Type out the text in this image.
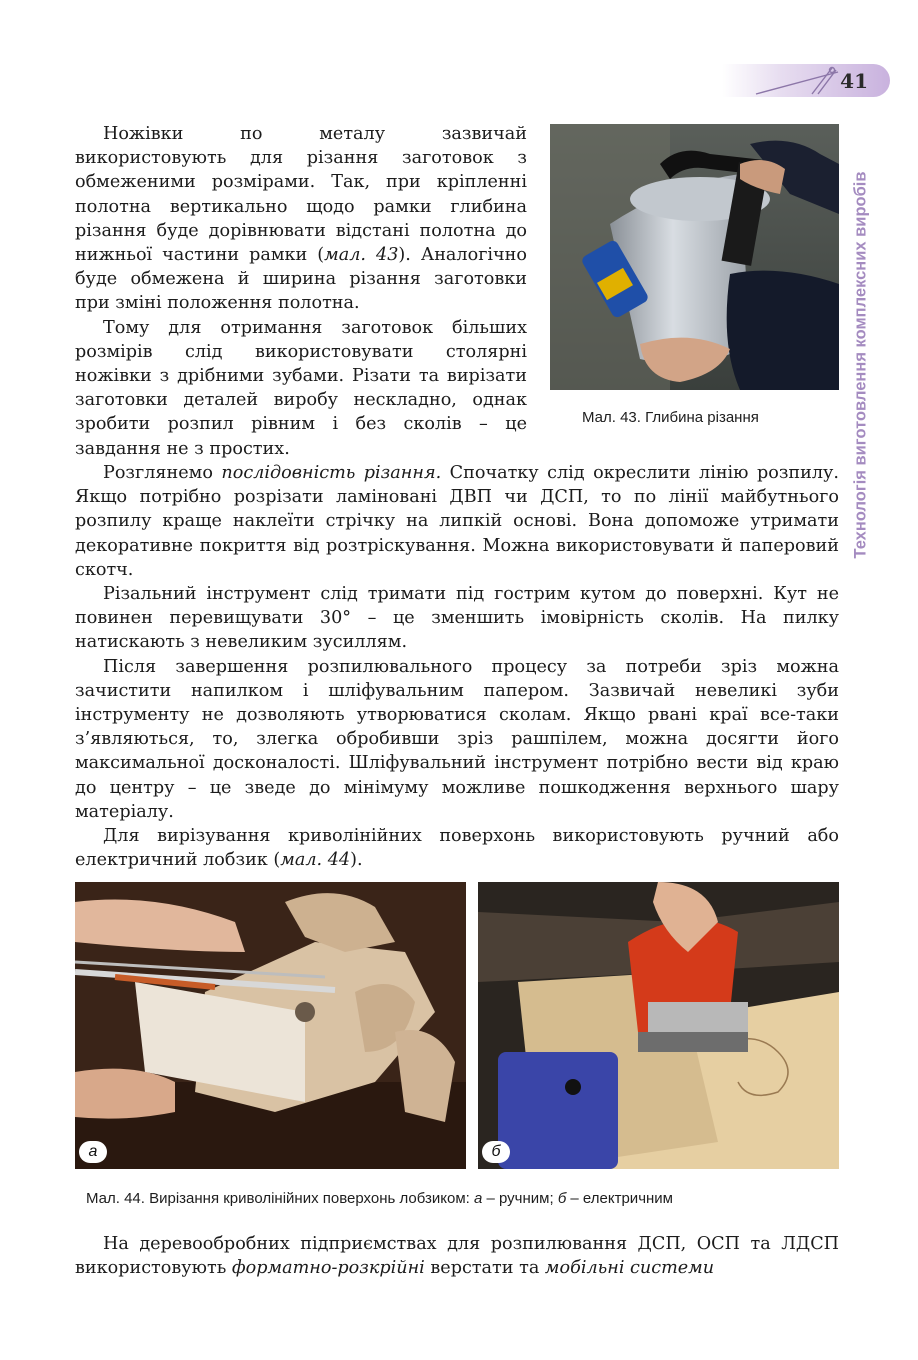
41
Технологія виготовлення комплексних виробів

Ножівки по металу зазвичай використовують для різання заготовок з обмеженими розмірами. Так, при кріпленні полотна вертикально щодо рамки глибина різання буде дорівнювати відстані полотна до нижньої частини рамки (мал. 43). Аналогічно буде обмежена й ширина різання заготовки при зміні положення полотна.

Тому для отримання заготовок більших розмірів слід використовувати столярні ножівки з дрібними зубами. Різати та вирізати заготовки деталей виробу нескладно, однак зробити розпил рівним і без сколів – це завдання не з простих.

Мал. 43. Глибина різання

Розглянемо послідовність різання. Спочатку слід окреслити лінію розпилу. Якщо потрібно розрізати ламіновані ДВП чи ДСП, то по лінії майбутнього розпилу краще наклеїти стрічку на липкій основі. Вона допоможе утримати декоративне покриття від розтріскування. Можна використовувати й паперовий скотч.

Різальний інструмент слід тримати під гострим кутом до поверхні. Кут не повинен перевищувати 30° – це зменшить імовірність сколів. На пилку натискають з невеликим зусиллям.

Після завершення розпилювального процесу за потреби зріз можна зачистити напилком і шліфувальним папером. Зазвичай невеликі зуби інструменту не дозволяють утворюватися сколам. Якщо рвані краї все-таки з’являються, то, злегка обробивши зріз рашпілем, можна досягти його максимальної досконалості. Шліфувальний інструмент потрібно вести від краю до центру – це зведе до мінімуму можливе пошкодження верхнього шару матеріалу.

Для вирізування криволінійних поверхонь використовують ручний або електричний лобзик (мал. 44).

а	б
Мал. 44. Вирізання криволінійних поверхонь лобзиком: а – ручним; б – електричним

На деревообробних підприємствах для розпилювання ДСП, ОСП та ЛДСП використовують форматно-розкрійні верстати та мобільні системи
